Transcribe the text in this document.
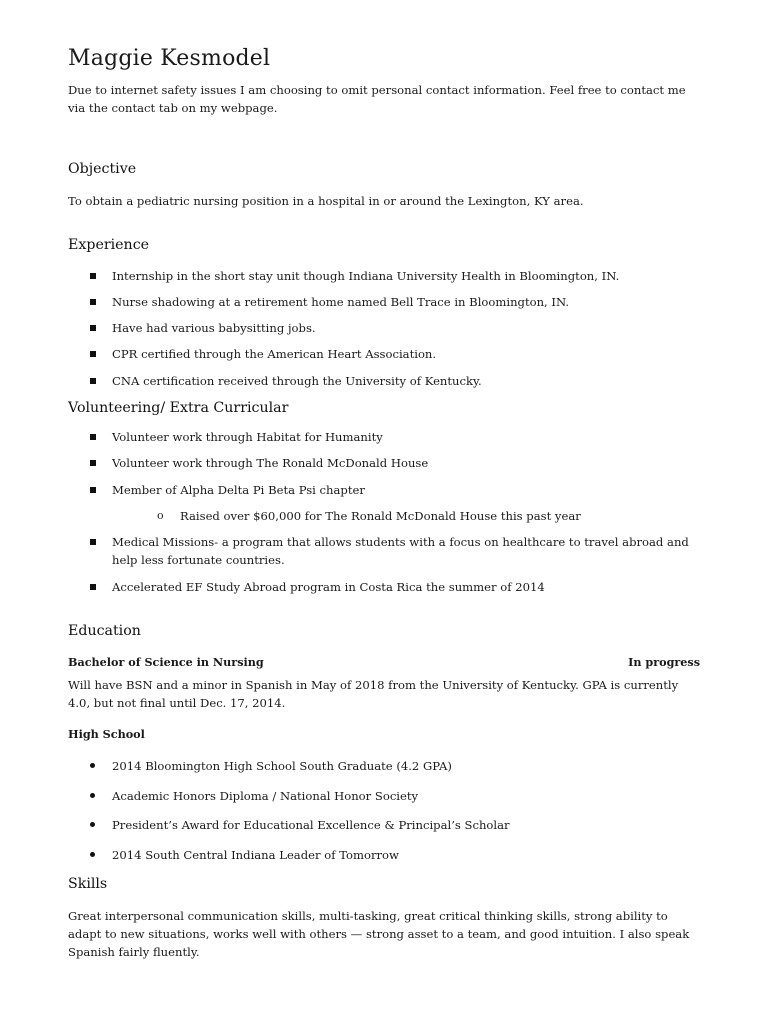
Maggie Kesmodel

Due to internet safety issues I am choosing to omit personal contact information. Feel free to contact me via the contact tab on my webpage.

Objective

To obtain a pediatric nursing position in a hospital in or around the Lexington, KY area.

Experience
Internship in the short stay unit though Indiana University Health in Bloomington, IN.
Nurse shadowing at a retirement home named Bell Trace in Bloomington, IN.
Have had various babysitting jobs.
CPR certified through the American Heart Association.
CNA certification received through the University of Kentucky.
Volunteering/ Extra Curricular
Volunteer work through Habitat for Humanity
Volunteer work through The Ronald McDonald House
Member of Alpha Delta Pi Beta Psi chapter
o Raised over $60,000 for The Ronald McDonald House this past year
Medical Missions- a program that allows students with a focus on healthcare to travel abroad and help less fortunate countries.
Accelerated EF Study Abroad program in Costa Rica the summer of 2014
Education
Bachelor of Science in Nursing	In progress

Will have BSN and a minor in Spanish in May of 2018 from the University of Kentucky. GPA is currently 4.0, but not final until Dec. 17, 2014.

High School
2014 Bloomington High School South Graduate (4.2 GPA)
Academic Honors Diploma / National Honor Society
President’s Award for Educational Excellence & Principal’s Scholar
2014 South Central Indiana Leader of Tomorrow
Skills

Great interpersonal communication skills, multi-tasking, great critical thinking skills, strong ability to adapt to new situations, works well with others — strong asset to a team, and good intuition. I also speak Spanish fairly fluently.
